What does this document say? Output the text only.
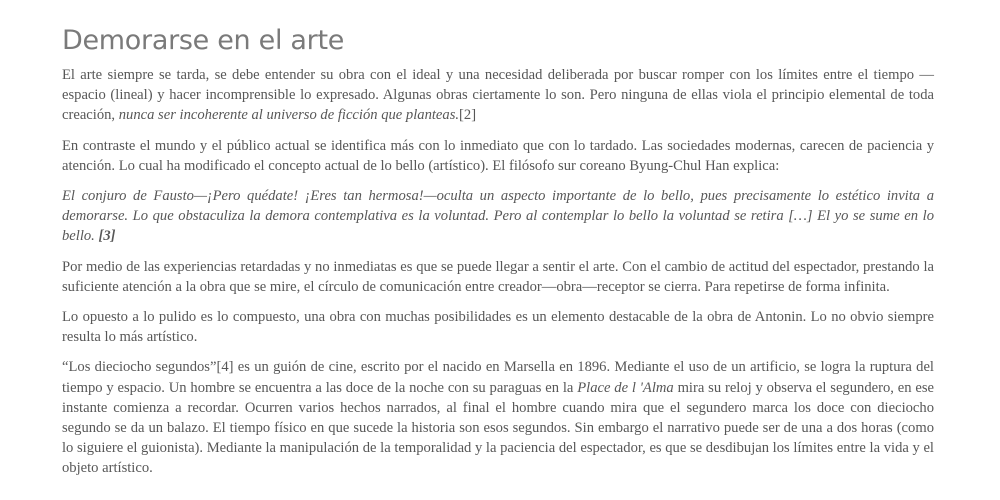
Demorarse en el arte

El arte siempre se tarda, se debe entender su obra con el ideal y una necesidad deliberada por buscar romper con los límites entre el tiempo —espacio (lineal) y hacer incomprensible lo expresado. Algunas obras ciertamente lo son. Pero ninguna de ellas viola el principio elemental de toda creación, nunca ser incoherente al universo de ficción que planteas.[2]

En contraste el mundo y el público actual se identifica más con lo inmediato que con lo tardado. Las sociedades modernas, carecen de paciencia y atención. Lo cual ha modificado el concepto actual de lo bello (artístico). El filósofo sur coreano Byung-Chul Han explica:

El conjuro de Fausto—¡Pero quédate! ¡Eres tan hermosa!—oculta un aspecto importante de lo bello, pues precisamente lo estético invita a demorarse. Lo que obstaculiza la demora contemplativa es la voluntad. Pero al contemplar lo bello la voluntad se retira […] El yo se sume en lo bello. [3]

Por medio de las experiencias retardadas y no inmediatas es que se puede llegar a sentir el arte. Con el cambio de actitud del espectador, prestando la suficiente atención a la obra que se mire, el círculo de comunicación entre creador—obra—receptor se cierra. Para repetirse de forma infinita.

Lo opuesto a lo pulido es lo compuesto, una obra con muchas posibilidades es un elemento destacable de la obra de Antonin. Lo no obvio siempre resulta lo más artístico.

“Los dieciocho segundos”[4] es un guión de cine, escrito por el nacido en Marsella en 1896. Mediante el uso de un artificio, se logra la ruptura del tiempo y espacio. Un hombre se encuentra a las doce de la noche con su paraguas en la Place de l 'Alma mira su reloj y observa el segundero, en ese instante comienza a recordar. Ocurren varios hechos narrados, al final el hombre cuando mira que el segundero marca los doce con dieciocho segundo se da un balazo. El tiempo físico en que sucede la historia son esos segundos. Sin embargo el narrativo puede ser de una a dos horas (como lo siguiere el guionista). Mediante la manipulación de la temporalidad y la paciencia del espectador, es que se desdibujan los límites entre la vida y el objeto artístico.
